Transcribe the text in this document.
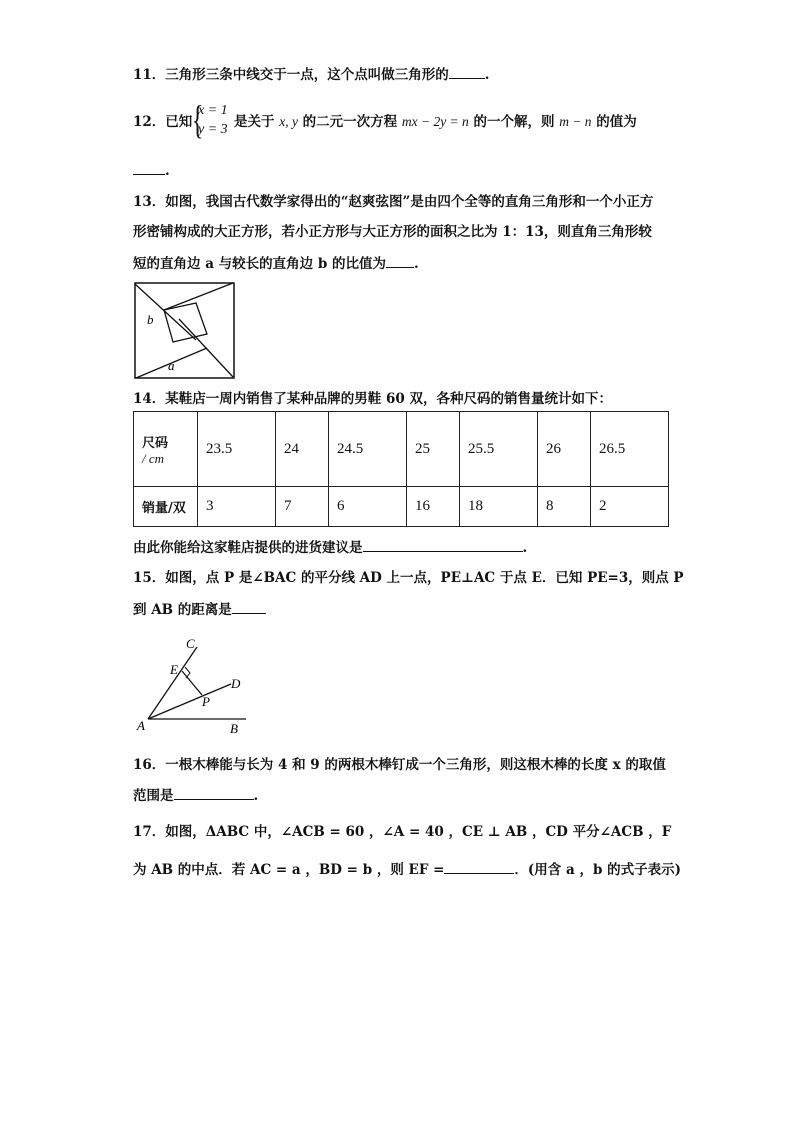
11．三角形三条中线交于一点，这个点叫做三角形的	.
12．已知 {
x = 1
y = 3 是关于 x, y 的二元一次方程 mx − 2y = n 的一个解，则 m − n 的值为
.
13．如图，我国古代数学家得出的“赵爽弦图”是由四个全等的直角三角形和一个小正方
形密铺构成的大正方形，若小正方形与大正方形的面积之比为 1：13，则直角三角形较
短的直角边 a 与较长的直角边 b 的比值为 .
b
a
14．某鞋店一周内销售了某种品牌的男鞋 60 双，各种尺码的销售量统计如下：
尺码
/ cm	23.5	24	24.5	25	25.5	26	26.5
销量/双	3	7	6	16	18	8	2
由此你能给这家鞋店提供的进货建议是	.
15．如图，点 P 是∠BAC 的平分线 AD 上一点，PE⊥AC 于点 E．已知 PE=3，则点 P
到 AB 的距离是
C
E
D
P
A	B
16．一根木棒能与长为 4 和 9 的两根木棒钉成一个三角形，则这根木棒的长度 x 的取值
范围是	.
17．如图，ΔABC 中，∠ACB = 60 ，∠A = 40 ，CE ⊥ AB ，CD 平分∠ACB ，F
为 AB 的中点．若 AC = a ，BD = b ，则 EF =	．(用含 a ，b 的式子表示)
